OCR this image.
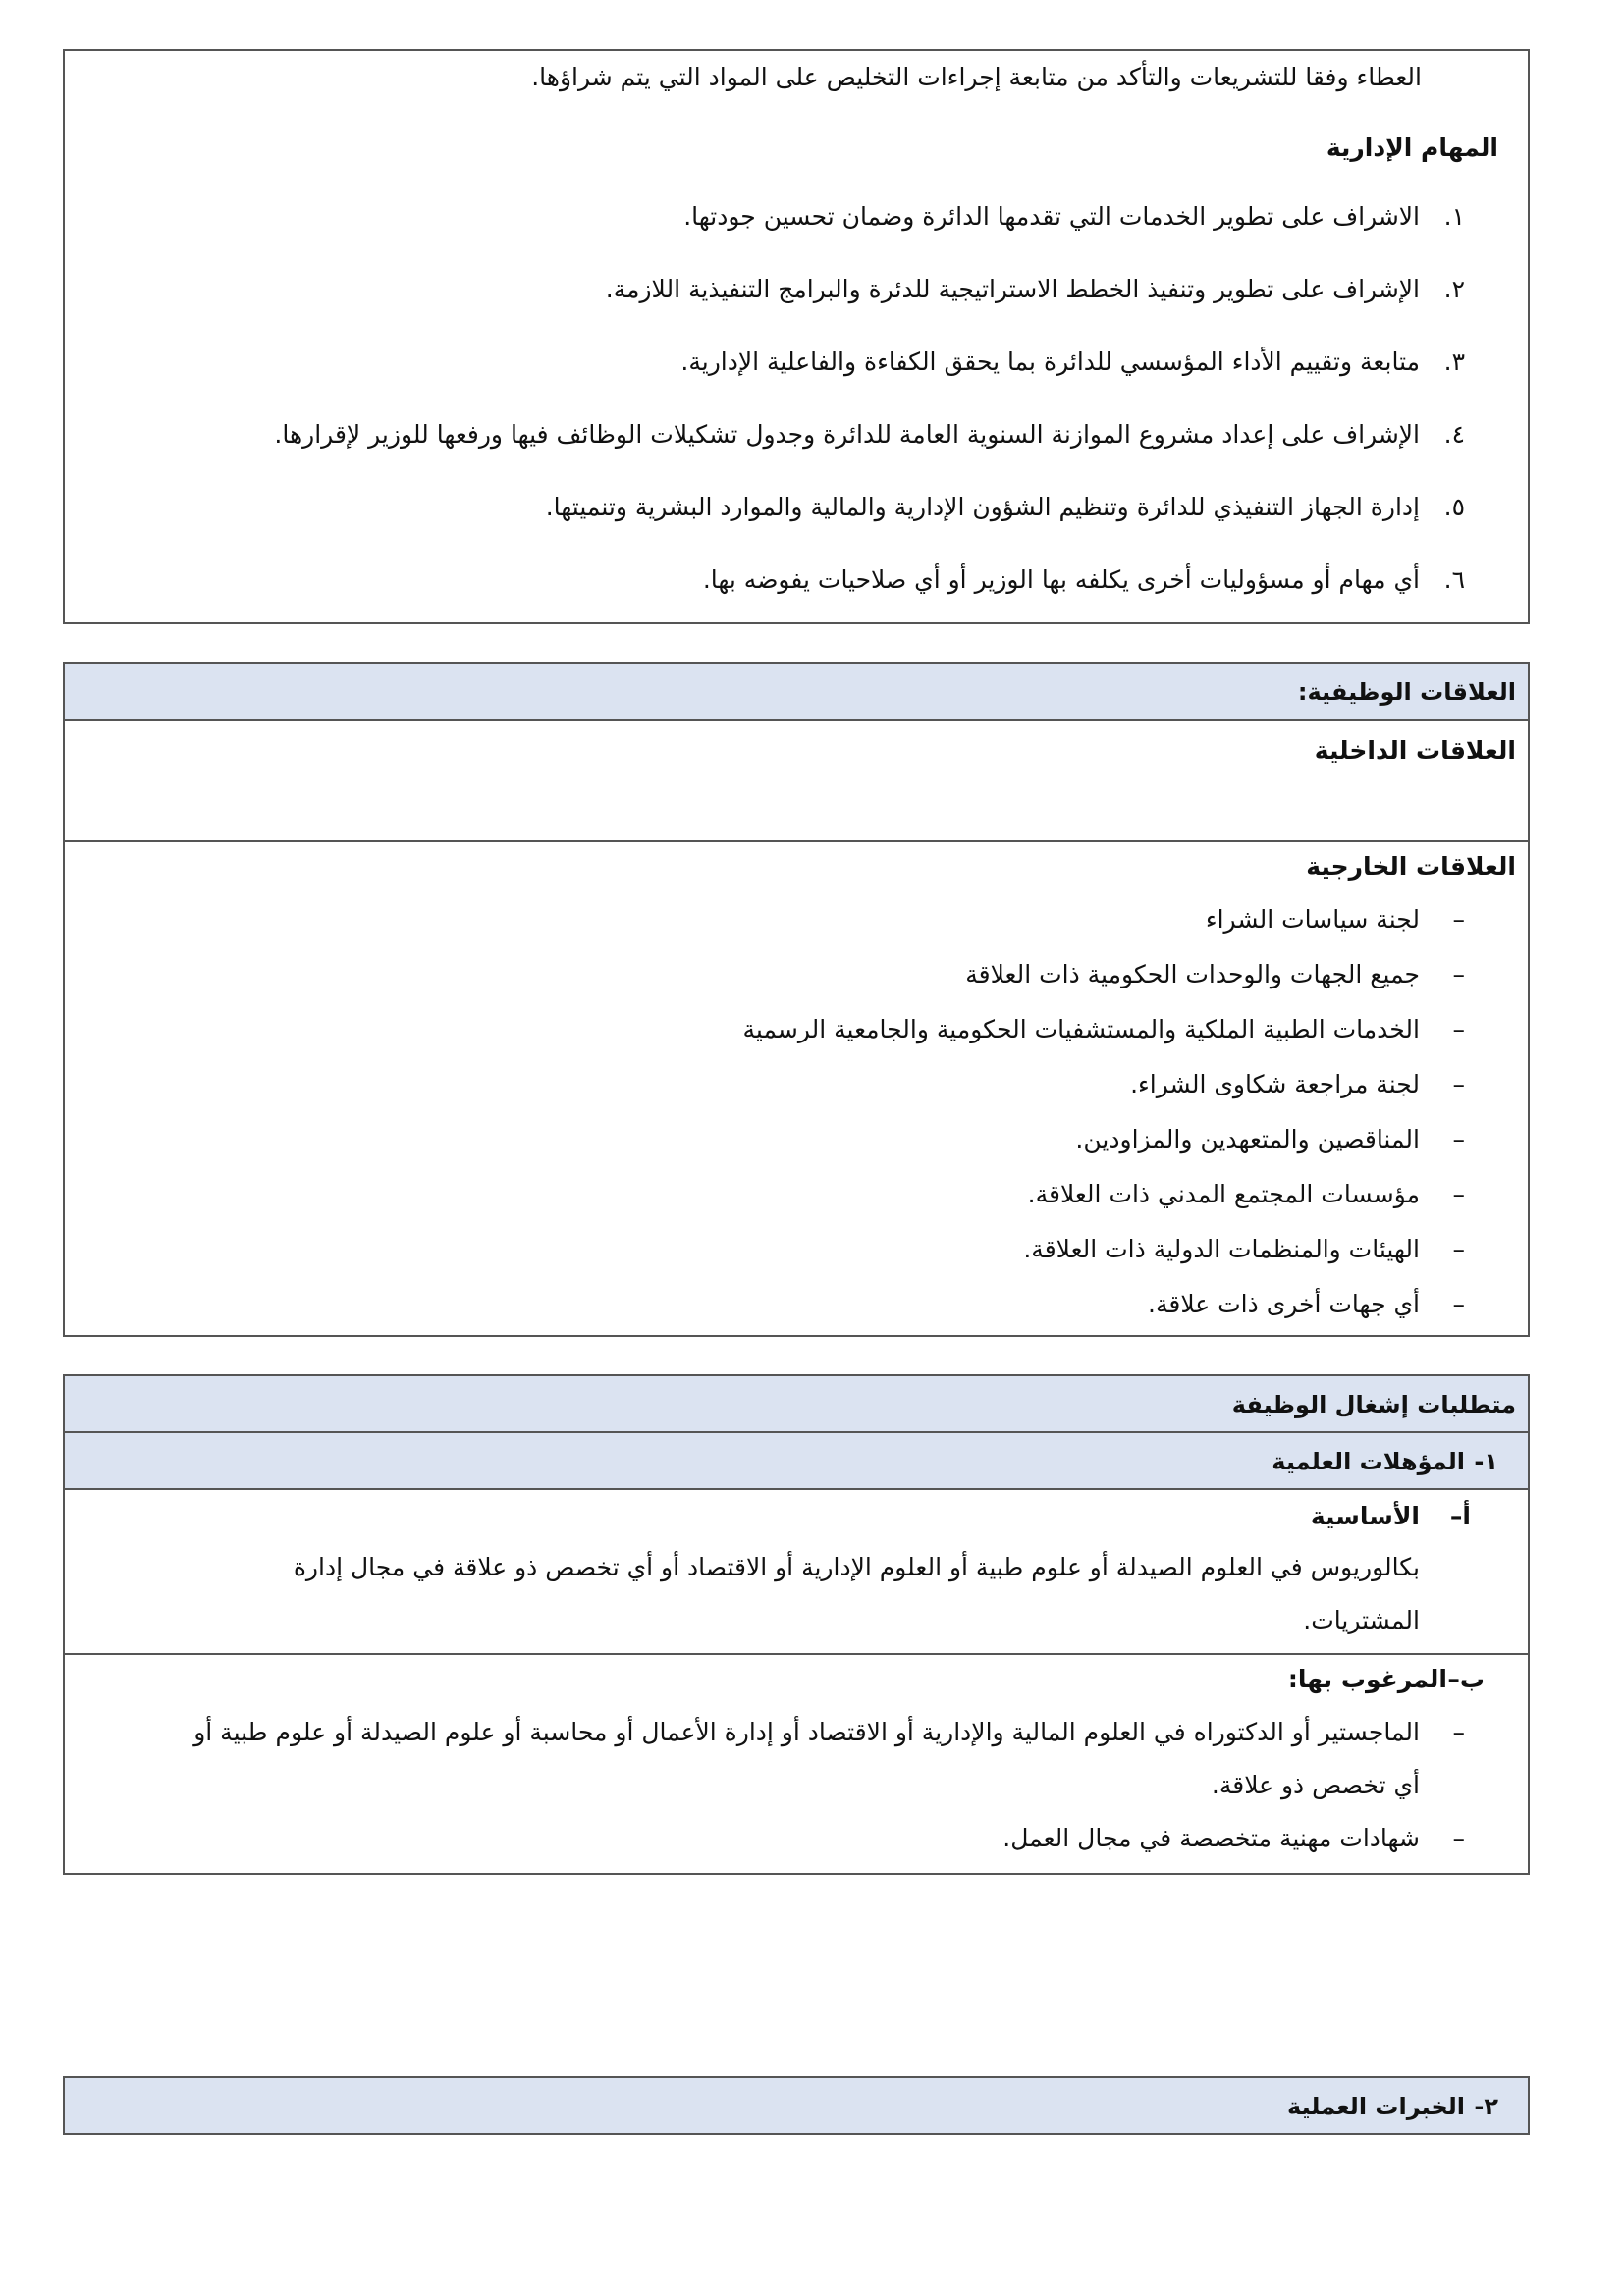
العطاء وفقا للتشريعات والتأكد من متابعة إجراءات التخليص على المواد التي يتم شراؤها.
المهام الإدارية
١.
الاشراف على تطوير الخدمات التي تقدمها الدائرة وضمان تحسين جودتها.
٢.
الإشراف على تطوير وتنفيذ الخطط الاستراتيجية للدئرة والبرامج التنفيذية اللازمة.
٣.
متابعة وتقييم الأداء المؤسسي للدائرة بما يحقق الكفاءة والفاعلية الإدارية.
٤.
الإشراف على إعداد مشروع الموازنة السنوية العامة للدائرة وجدول تشكيلات الوظائف فيها ورفعها للوزير لإقرارها.
٥.
إدارة الجهاز التنفيذي للدائرة وتنظيم الشؤون الإدارية والمالية والموارد البشرية وتنميتها.
٦.
أي مهام أو مسؤوليات أخرى يكلفه بها الوزير أو أي صلاحيات يفوضه بها.
العلاقات الوظيفية:
العلاقات الداخلية
العلاقات الخارجية
–
لجنة سياسات الشراء
–
جميع الجهات والوحدات الحكومية ذات العلاقة
–
الخدمات الطبية الملكية والمستشفيات الحكومية والجامعية الرسمية
–
لجنة مراجعة شكاوى الشراء.
–
المناقصين والمتعهدين والمزاودين.
–
مؤسسات المجتمع المدني ذات العلاقة.
–
الهيئات والمنظمات الدولية ذات العلاقة.
–
أي جهات أخرى ذات علاقة.
متطلبات إشغال الوظيفة
١-
المؤهلات العلمية
أ–
الأساسية
بكالوريوس في العلوم الصيدلة أو علوم طبية أو العلوم الإدارية أو الاقتصاد أو أي تخصص ذو علاقة في مجال إدارة
المشتريات.
ب–
المرغوب بها:
–
الماجستير أو الدكتوراه في العلوم المالية والإدارية أو الاقتصاد أو إدارة الأعمال أو محاسبة أو علوم الصيدلة أو علوم طبية أو
أي تخصص ذو علاقة.
–
شهادات مهنية متخصصة في مجال العمل.
٢-
الخبرات العملية
